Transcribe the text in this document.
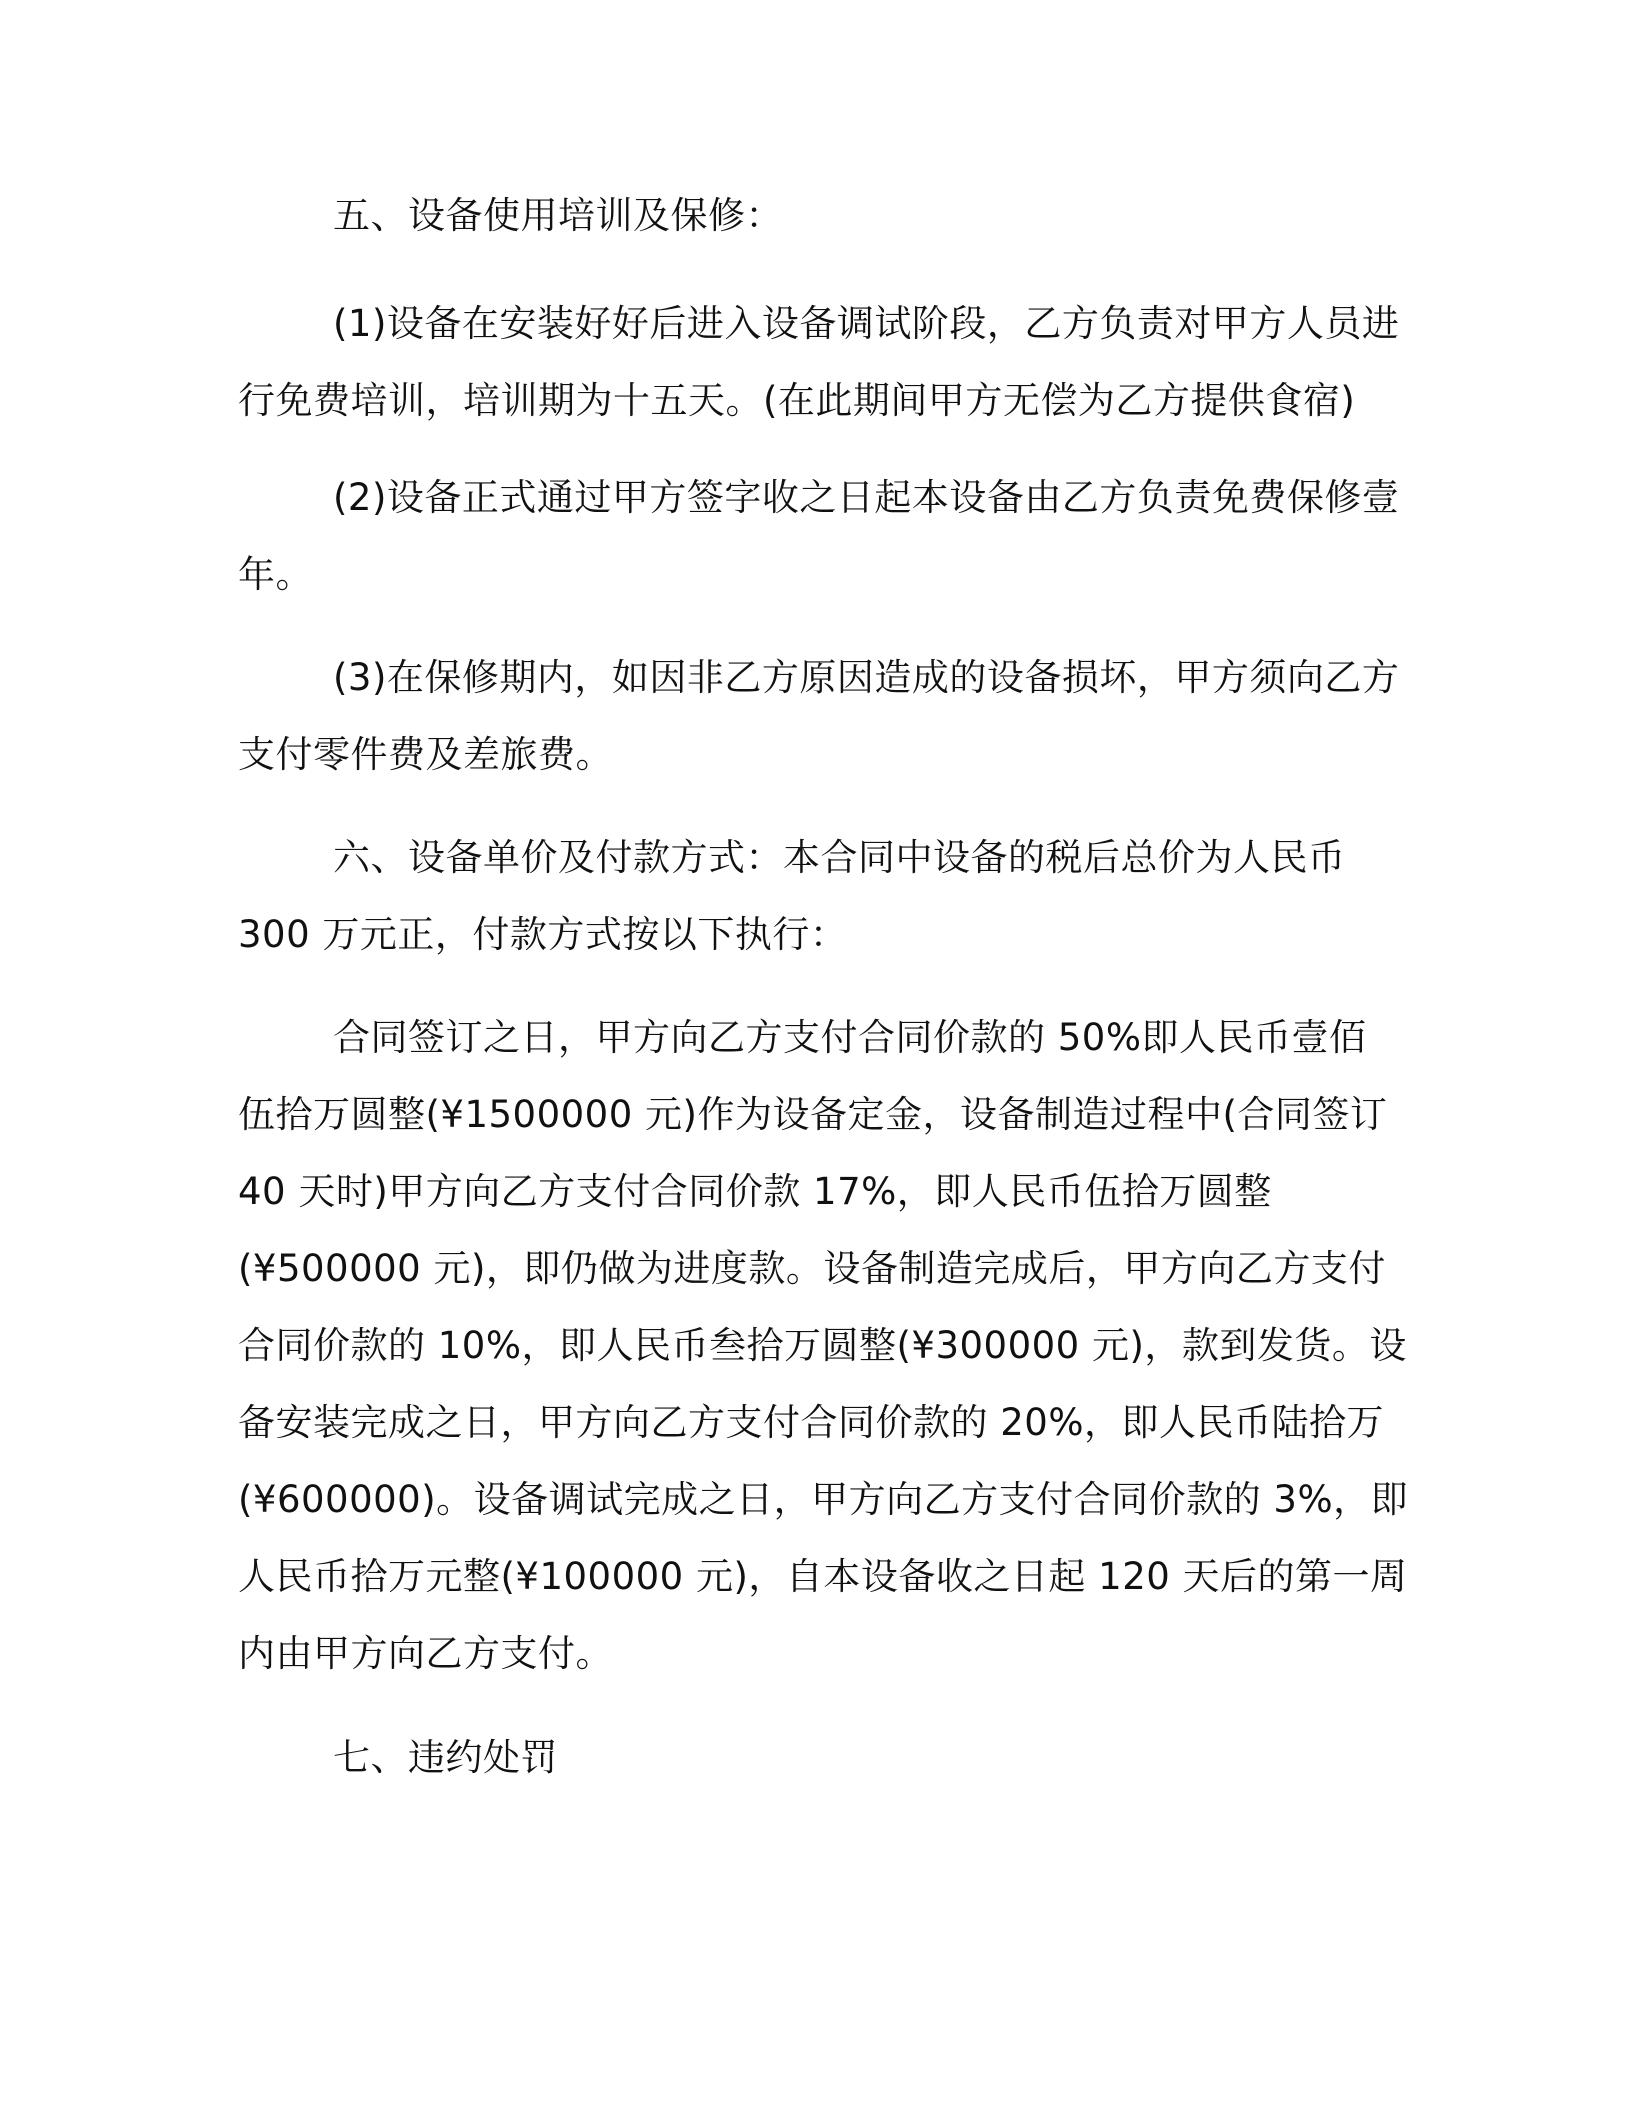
五、设备使用培训及保修：
(1)设备在安装好好后进入设备调试阶段，乙方负责对甲方人员进
行免费培训，培训期为十五天。(在此期间甲方无偿为乙方提供食宿)
(2)设备正式通过甲方签字收之日起本设备由乙方负责免费保修壹
年。
(3)在保修期内，如因非乙方原因造成的设备损坏，甲方须向乙方
支付零件费及差旅费。
六、设备单价及付款方式：本合同中设备的税后总价为人民币
300 万元正，付款方式按以下执行：
合同签订之日，甲方向乙方支付合同价款的 50%即人民币壹佰
伍拾万圆整(¥1500000 元)作为设备定金，设备制造过程中(合同签订
40 天时)甲方向乙方支付合同价款 17%，即人民币伍拾万圆整
(¥500000 元)，即仍做为进度款。设备制造完成后，甲方向乙方支付
合同价款的 10%，即人民币叁拾万圆整(¥300000 元)，款到发货。设
备安装完成之日，甲方向乙方支付合同价款的 20%，即人民币陆拾万
(¥600000)。设备调试完成之日，甲方向乙方支付合同价款的 3%，即
人民币拾万元整(¥100000 元)，自本设备收之日起 120 天后的第一周
内由甲方向乙方支付。
七、违约处罚
